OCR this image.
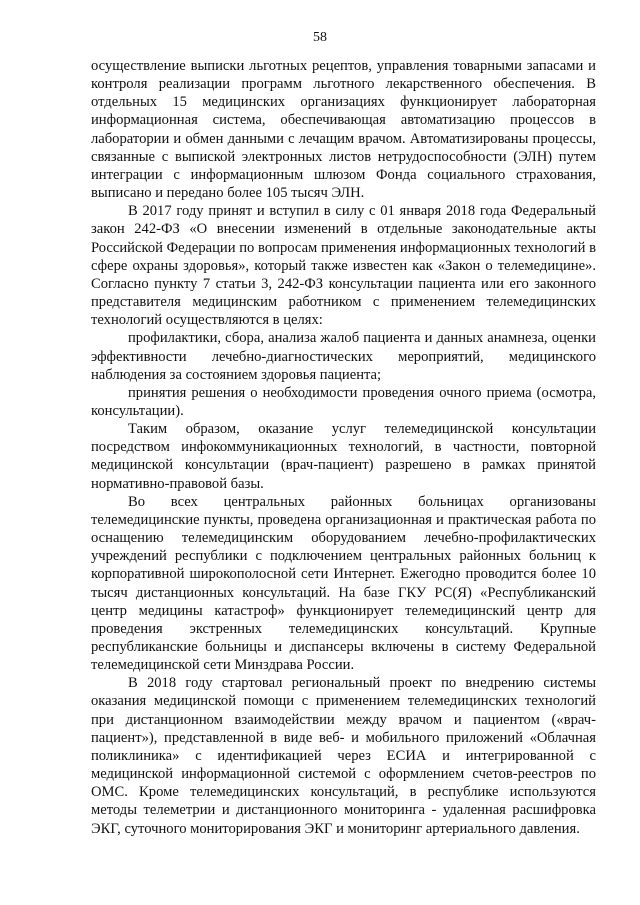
58

осуществление выписки льготных рецептов, управления товарными запасами и контроля реализации программ льготного лекарственного обеспечения. В отдельных 15 медицинских организациях функционирует лабораторная информационная система, обеспечивающая автоматизацию процессов в лаборатории и обмен данными с лечащим врачом. Автоматизированы процессы, связанные с выпиской электронных листов нетрудоспособности (ЭЛН) путем интеграции с информационным шлюзом Фонда социального страхования, выписано и передано более 105 тысяч ЭЛН.

В 2017 году принят и вступил в силу с 01 января 2018 года Федеральный закон 242-ФЗ «О внесении изменений в отдельные законодательные акты Российской Федерации по вопросам применения информационных технологий в сфере охраны здоровья», который также известен как «Закон о телемедицине». Согласно пункту 7 статьи 3, 242-ФЗ консультации пациента или его законного представителя медицинским работником с применением телемедицинских технологий осуществляются в целях:

профилактики, сбора, анализа жалоб пациента и данных анамнеза, оценки эффективности лечебно-диагностических мероприятий, медицинского наблюдения за состоянием здоровья пациента;

принятия решения о необходимости проведения очного приема (осмотра, консультации).

Таким образом, оказание услуг телемедицинской консультации посредством инфокоммуникационных технологий, в частности, повторной медицинской консультации (врач-пациент) разрешено в рамках принятой нормативно-правовой базы.

Во всех центральных районных больницах организованы телемедицинские пункты, проведена организационная и практическая работа по оснащению телемедицинским оборудованием лечебно-профилактических учреждений республики с подключением центральных районных больниц к корпоративной широкополосной сети Интернет. Ежегодно проводится более 10 тысяч дистанционных консультаций. На базе ГКУ РС(Я) «Республиканский центр медицины катастроф» функционирует телемедицинский центр для проведения экстренных телемедицинских консультаций. Крупные республиканские больницы и диспансеры включены в систему Федеральной телемедицинской сети Минздрава России.

В 2018 году стартовал региональный проект по внедрению системы оказания медицинской помощи с применением телемедицинских технологий при дистанционном взаимодействии между врачом и пациентом («врач-пациент»), представленной в виде веб- и мобильного приложений «Облачная поликлиника» с идентификацией через ЕСИА и интегрированной с медицинской информационной системой с оформлением счетов-реестров по ОМС. Кроме телемедицинских консультаций, в республике используются методы телеметрии и дистанционного мониторинга - удаленная расшифровка ЭКГ, суточного мониторирования ЭКГ и мониторинг артериального давления.
